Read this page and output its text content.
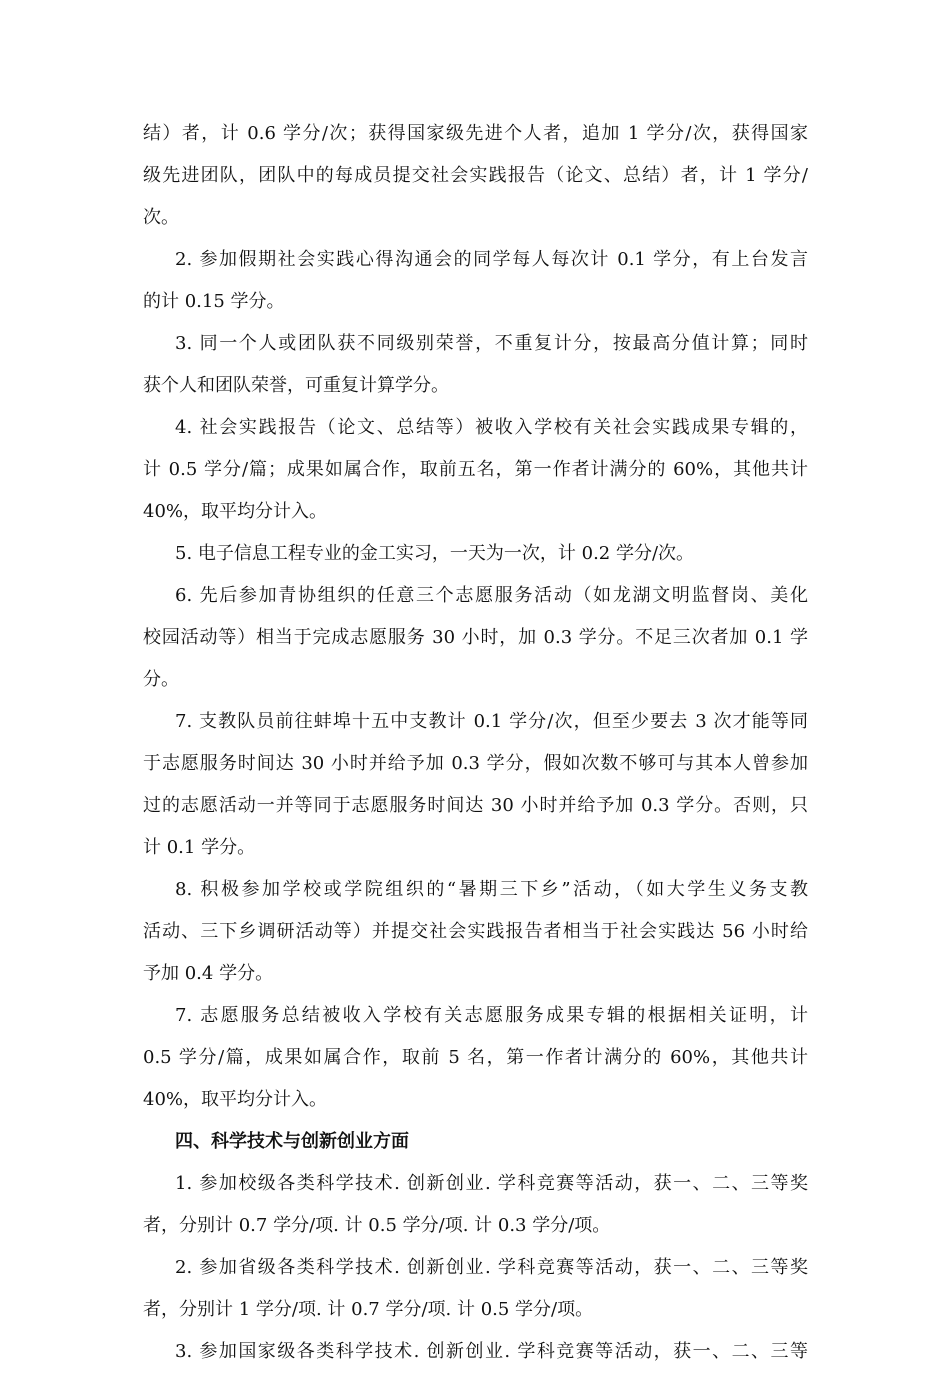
结）者，计 0.6 学分/次；获得国家级先进个人者，追加 1 学分/次，获得国家
级先进团队，团队中的每成员提交社会实践报告（论文、总结）者，计 1 学分/
次。
2. 参加假期社会实践心得沟通会的同学每人每次计 0.1 学分，有上台发言
的计 0.15 学分。
3. 同一个人或团队获不同级别荣誉，不重复计分，按最高分值计算；同时
获个人和团队荣誉，可重复计算学分。
4. 社会实践报告（论文、总结等）被收入学校有关社会实践成果专辑的，
计 0.5 学分/篇；成果如属合作，取前五名，第一作者计满分的 60%，其他共计
40%，取平均分计入。
5. 电子信息工程专业的金工实习，一天为一次，计 0.2 学分/次。
6. 先后参加青协组织的任意三个志愿服务活动（如龙湖文明监督岗、美化
校园活动等）相当于完成志愿服务 30 小时，加 0.3 学分。不足三次者加 0.1 学
分。
7. 支教队员前往蚌埠十五中支教计 0.1 学分/次，但至少要去 3 次才能等同
于志愿服务时间达 30 小时并给予加 0.3 学分，假如次数不够可与其本人曾参加
过的志愿活动一并等同于志愿服务时间达 30 小时并给予加 0.3 学分。否则，只
计 0.1 学分。
8. 积极参加学校或学院组织的“暑期三下乡”活动，（如大学生义务支教
活动、三下乡调研活动等）并提交社会实践报告者相当于社会实践达 56 小时给
予加 0.4 学分。
7. 志愿服务总结被收入学校有关志愿服务成果专辑的根据相关证明，计
0.5 学分/篇，成果如属合作，取前 5 名，第一作者计满分的 60%，其他共计
40%，取平均分计入。
四、科学技术与创新创业方面
1. 参加校级各类科学技术. 创新创业. 学科竞赛等活动，获一、二、三等奖
者，分别计 0.7 学分/项. 计 0.5 学分/项. 计 0.3 学分/项。
2. 参加省级各类科学技术. 创新创业. 学科竞赛等活动，获一、二、三等奖
者，分别计 1 学分/项. 计 0.7 学分/项. 计 0.5 学分/项。
3. 参加国家级各类科学技术. 创新创业. 学科竞赛等活动，获一、二、三等
